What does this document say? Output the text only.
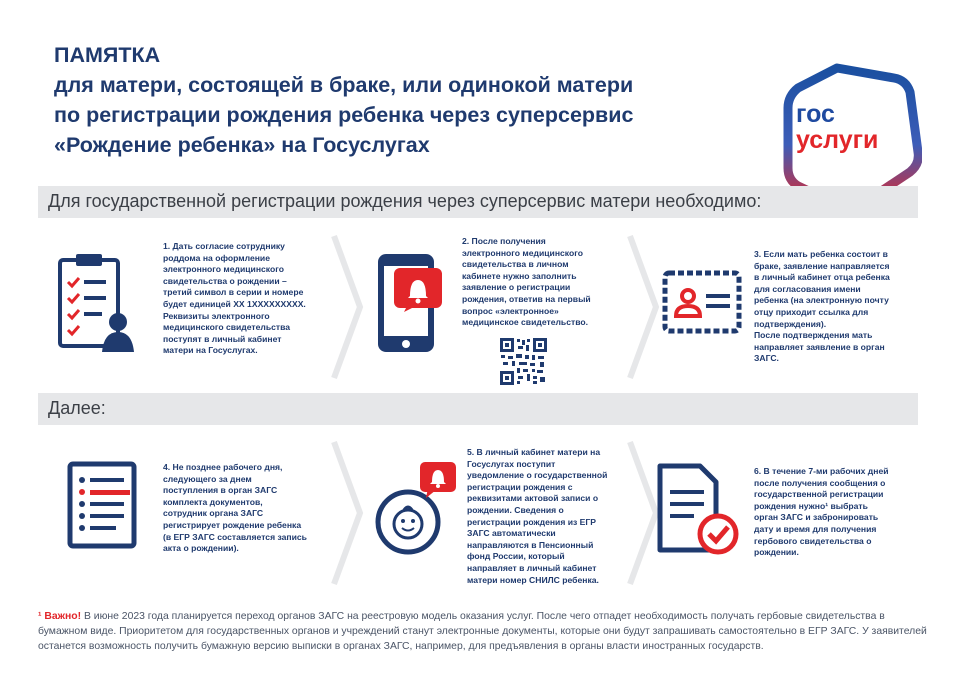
ПАМЯТКА
для матери, состоящей в браке, или одинокой матери
по регистрации рождения ребенка через суперсервис
«Рождение ребенка» на Госуслугах
гос
услуги
Для государственной регистрации рождения через суперсервис матери необходимо:
1. Дать согласие сотруднику
роддома на оформление
электронного медицинского
свидетельства о рождении –
третий символ в серии и номере
будет единицей ХХ 1ХХХХХХХХХ.
Реквизиты электронного
медицинского свидетельства
поступят в личный кабинет
матери на Госуслугах.
2. После получения
электронного медицинского
свидетельства в личном
кабинете нужно заполнить
заявление о регистрации
рождения, ответив на первый
вопрос «электронное»
медицинское свидетельство.
3. Если мать ребенка состоит в
браке, заявление направляется
в личный кабинет отца ребенка
для согласования имени
ребенка (на электронную почту
отцу приходит ссылка для
подтверждения).
После подтверждения мать
направляет заявление в орган
ЗАГС.
Далее:
4. Не позднее рабочего дня,
следующего за днем
поступления в орган ЗАГС
комплекта документов,
сотрудник органа ЗАГС
регистрирует рождение ребенка
(в ЕГР ЗАГС составляется запись
акта о рождении).
5. В личный кабинет матери на
Госуслугах поступит
уведомление о государственной
регистрации рождения с
реквизитами актовой записи о
рождении. Сведения о
регистрации рождения из ЕГР
ЗАГС автоматически
направляются в Пенсионный
фонд России, который
направляет в личный кабинет
матери номер СНИЛС ребенка.
6. В течение 7-ми рабочих дней
после получения сообщения о
государственной регистрации
рождения нужно¹ выбрать
орган ЗАГС и забронировать
дату и время для получения
гербового свидетельства о
рождении.
¹ Важно! В июне 2023 года планируется переход органов ЗАГС на реестровую модель оказания услуг. После чего отпадет необходимость получать гербовые свидетельства в бумажном виде. Приоритетом для государственных органов и учреждений станут электронные документы, которые они будут запрашивать самостоятельно в ЕГР ЗАГС. У заявителей останется возможность получить бумажную версию выписки в органах ЗАГС, например, для предъявления в органы власти иностранных государств.
